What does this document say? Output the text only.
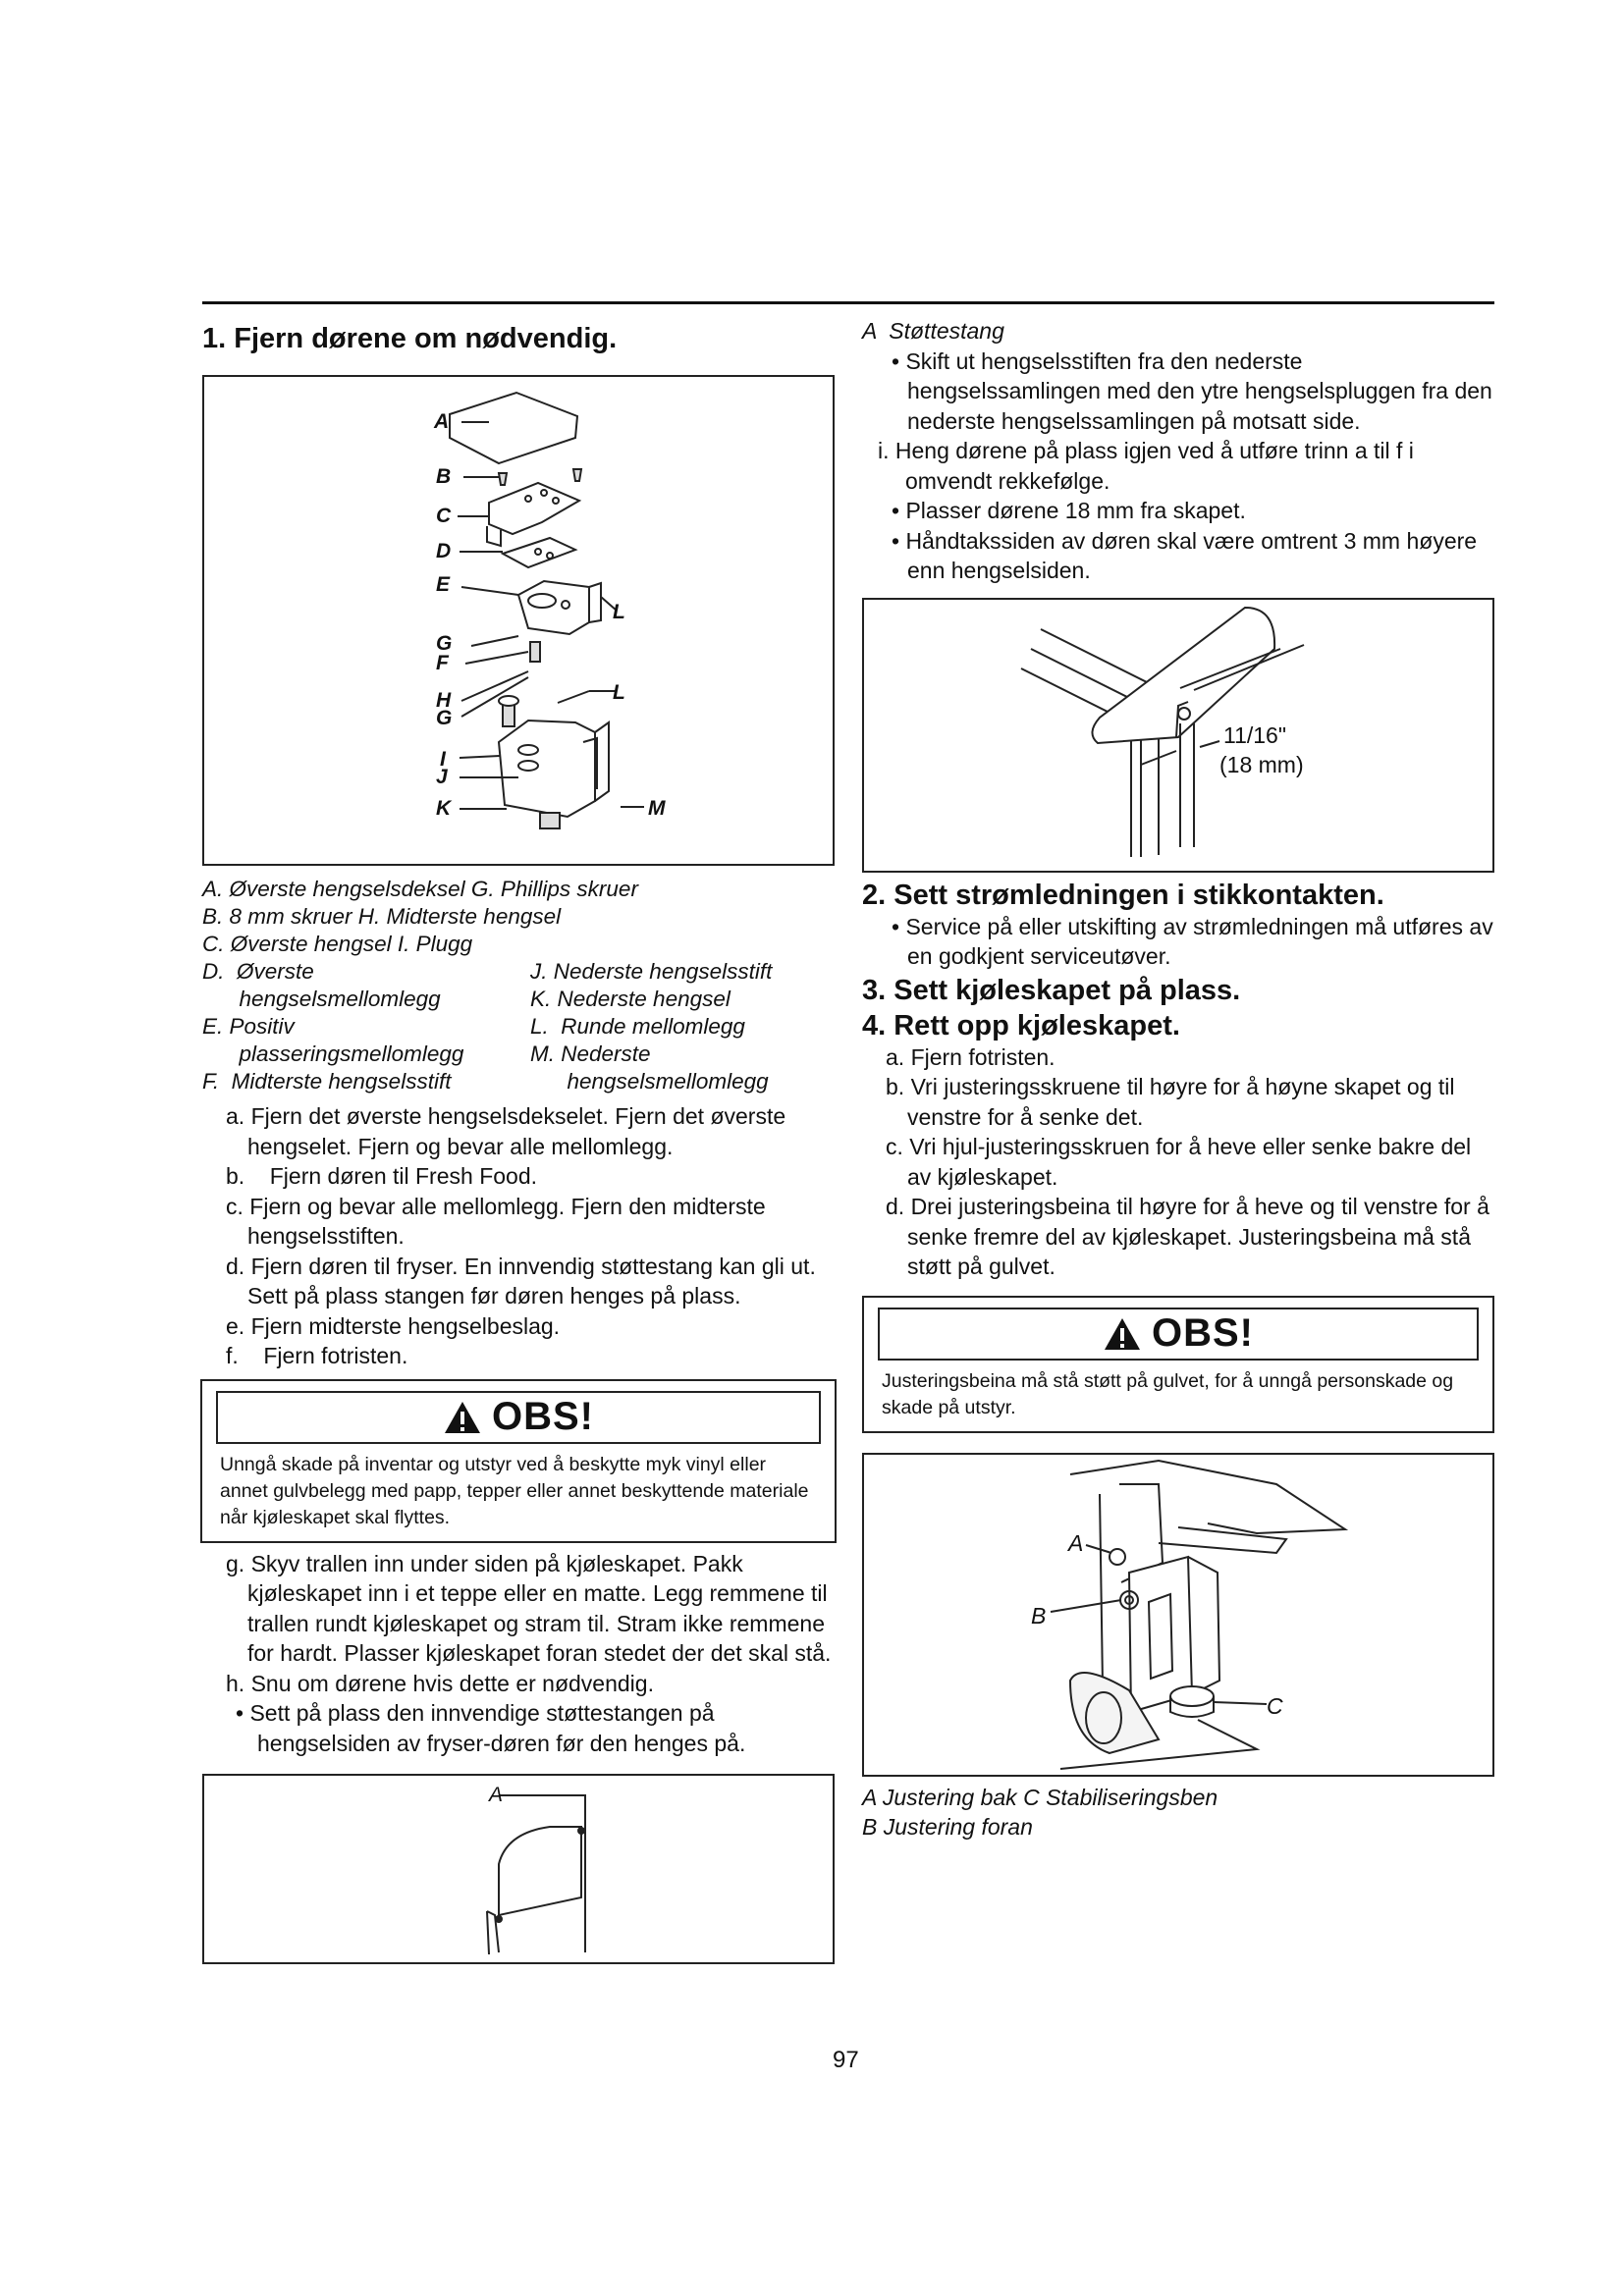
1. Fjern dørene om nødvendig.
A
B
C
D
E
G
F
H
G
I
J
K
L
L
M
A. Øverste hengselsdeksel G. Phillips skruer
B. 8 mm skruer H. Midterste hengsel
C. Øverste hengsel I. Plugg
D.  Øverste	J. Nederste hengselsstift
hengselsmellomlegg	K. Nederste hengsel
E. Positiv	L.  Runde mellomlegg
plasseringsmellomlegg	M. Nederste
F.  Midterste hengselsstift	hengselsmellomlegg

a. Fjern det øverste hengselsdekselet. Fjern det øverste hengselet. Fjern og bevar alle mellomlegg.

b.    Fjern døren til Fresh Food.

c. Fjern og bevar alle mellomlegg. Fjern den midterste hengselsstiften.

d. Fjern døren til fryser. En innvendig støttestang kan gli ut. Sett på plass stangen før døren henges på plass.

e. Fjern midterste hengselbeslag.

f.    Fjern fotristen.

OBS!
Unngå skade på inventar og utstyr ved å beskytte myk vinyl eller annet gulvbelegg med papp, tepper eller annet beskyttende materiale når kjøleskapet skal flyttes.

g. Skyv trallen inn under siden på kjøleskapet. Pakk kjøleskapet inn i et teppe eller en matte. Legg remmene til trallen rundt kjøleskapet og stram til. Stram ikke remmene for hardt. Plasser kjøleskapet foran stedet der det skal stå.

h. Snu om dørene hvis dette er nødvendig.

• Sett på plass den innvendige støttestangen på hengselsiden av fryser-døren før den henges på.

A

A  Støttestang

• Skift ut hengselsstiften fra den nederste hengselssamlingen med den ytre hengselspluggen fra den nederste hengselssamlingen på motsatt side.

i. Heng dørene på plass igjen ved å utføre trinn a til f i omvendt rekkefølge.

• Plasser dørene 18 mm fra skapet.

• Håndtakssiden av døren skal være omtrent 3 mm høyere enn hengselsiden.

11/16"
(18 mm)
2. Sett strømledningen i stikkontakten.

• Service på eller utskifting av strømledningen må utføres av en godkjent serviceutøver.

3. Sett kjøleskapet på plass.
4. Rett opp kjøleskapet.

a. Fjern fotristen.

b. Vri justeringsskruene til høyre for å høyne skapet og til venstre for å senke det.

c. Vri hjul-justeringsskruen for å heve eller senke bakre del av kjøleskapet.

d. Drei justeringsbeina til høyre for å heve og til venstre for å senke fremre del av kjøleskapet. Justeringsbeina må stå støtt på gulvet.

OBS!
Justeringsbeina må stå støtt på gulvet, for å unngå personskade og skade på utstyr.
A
B
C

A Justering bak C Stabiliseringsben

B Justering foran

97
